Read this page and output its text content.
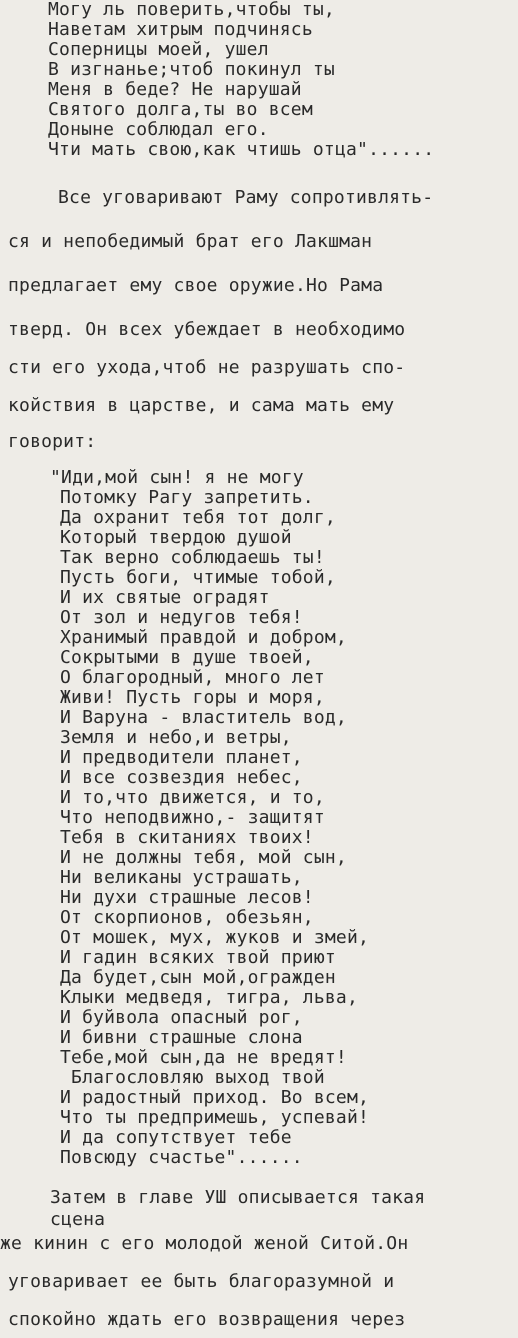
Могу ль поверить,чтобы ты,
Наветам хитрым подчинясь
Соперницы моей, ушел
В изгнанье;чтоб покинул ты
Меня в беде? Не нарушай
Святого долга,ты во всем
Доныне соблюдал его.
Чти мать свою,как чтишь отца"......
Все уговаривают Раму сопротивлять-
ся и непобедимый брат его Лакшман
предлагает ему свое оружие.Но Рама
тверд. Он всех убеждает в необходимо
сти его ухода,чтоб не разрушать спо-
койствия в царстве, и сама мать ему
говорит:
"Иди,мой сын! я не могу
Потомку Рагу запретить.
Да охранит тебя тот долг,
Который твердою душой
Так верно соблюдаешь ты!
Пусть боги, чтимые тобой,
И их святые оградят
От зол и недугов тебя!
Хранимый правдой и добром,
Сокрытыми в душе твоей,
О благородный, много лет
Живи! Пусть горы и моря,
И Варуна - властитель вод,
Земля и небо,и ветры,
И предводители планет,
И все созвездия небес,
И то,что движется, и то,
Что неподвижно,- защитят
Тебя в скитаниях твоих!
И не должны тебя, мой сын,
Ни великаны устрашать,
Ни духи страшные лесов!
От скорпионов, обезьян,
От мошек, мух, жуков и змей,
И гадин всяких твой приют
Да будет,сын мой,огражден
Клыки медведя, тигра, льва,
И буйвола опасный рог,
И бивни страшные слона
Тебе,мой сын,да не вредят!
Благословляю выход твой
И радостный приход. Во всем,
Что ты предпримешь, успевай!
И да сопутствует тебе
Повсюду счастье"......
Затем в главе УШ описывается такая
сцена
же кинин с его молодой женой Ситой.Он
уговаривает ее быть благоразумной и
спокойно ждать его возвращения через
